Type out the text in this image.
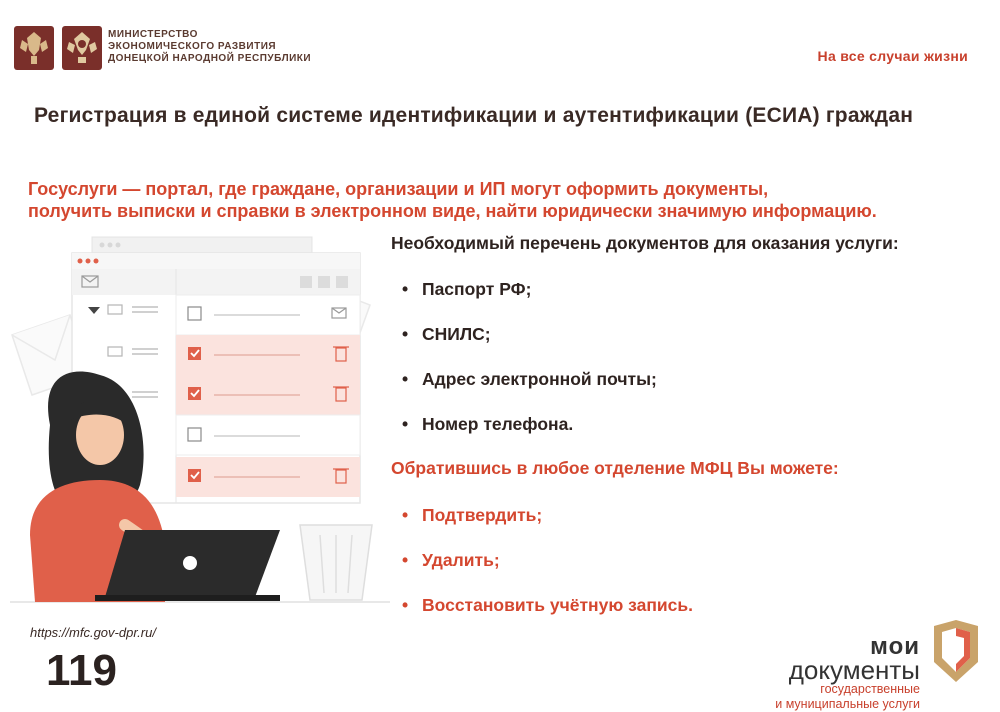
МИНИСТЕРСТВО
ЭКОНОМИЧЕСКОГО РАЗВИТИЯ
ДОНЕЦКОЙ НАРОДНОЙ РЕСПУБЛИКИ	На все случаи жизни
Регистрация в единой системе идентификации и аутентификации (ЕСИА) граждан
Госуслуги — портал, где граждане, организации и ИП могут оформить документы,
получить выписки и справки в электронном виде, найти юридически значимую информацию.
Необходимый перечень документов для оказания услуги:
• Паспорт РФ;
• СНИЛС;
• Адрес электронной почты;
• Номер телефона.
Обратившись в любое отделение МФЦ Вы можете:
• Подтвердить;
• Удалить;
• Восстановить учётную запись.
https://mfc.gov-dpr.ru/
119	мои
документы
государственные
и муниципальные услуги
